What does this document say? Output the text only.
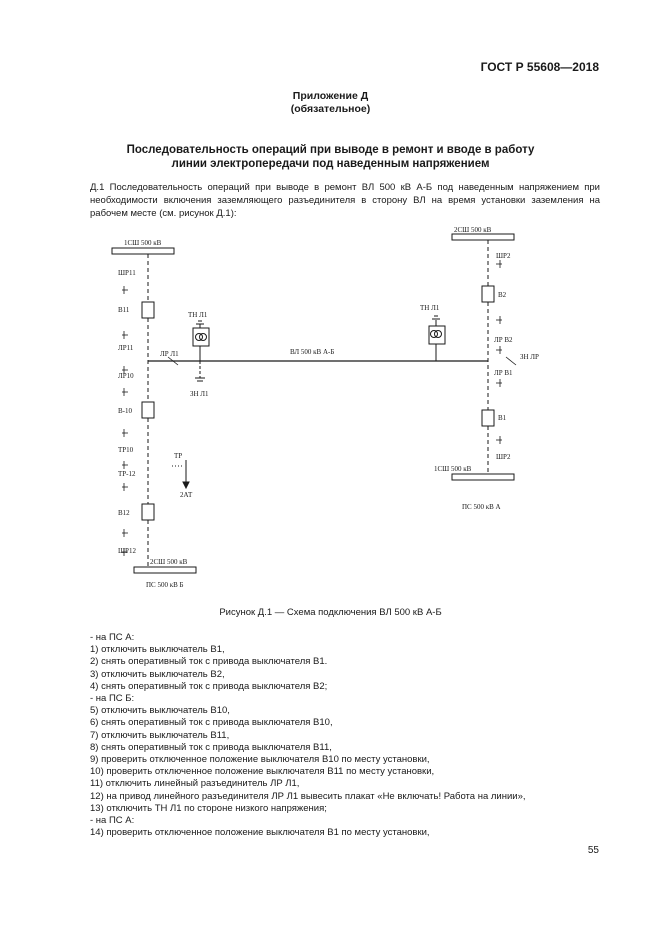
ГОСТ Р 55608—2018
Приложение Д
(обязательное)
Последовательность операций при выводе в ремонт и вводе в работу
линии электропередачи под наведенным напряжением

Д.1 Последовательность операций при выводе в ремонт ВЛ 500 кВ А-Б под наведенным напряжением при необходимости включения заземляющего разъединителя в сторону ВЛ на время установки заземления на рабочем месте (см. рисунок Д.1):

1СШ 500 кВ
ШР11
В11
ЛР11
ЛР10
В-10
ТР10
ТР-12
В12
ШР12
2СШ 500 кВ
ПС 500 кВ Б
ТН Л1
ЛР Л1
ЗН Л1
ВЛ 500 кВ А-Б
ТР
2АТ
ТН Л1
2СШ 500 кВ
ШР2
В2
ЛР В2
ЗН ЛР
ЛР В1
В1
ШР2
1СШ 500 кВ
ПС 500 кВ А
Рисунок Д.1 — Схема подключения ВЛ 500 кВ А-Б
- на ПС А:
1) отключить выключатель В1,
2) снять оперативный ток с привода выключателя В1.
3) отключить выключатель В2,
4) снять оперативный ток с привода выключателя В2;
- на ПС Б:
5) отключить выключатель В10,
6) снять оперативный ток с привода выключателя В10,
7) отключить выключатель В11,
8) снять оперативный ток с привода выключателя В11,
9) проверить отключенное положение выключателя В10 по месту установки,
10) проверить отключенное положение выключателя В11 по месту установки,
11) отключить линейный разъединитель ЛР Л1,
12) на привод линейного разъединителя ЛР Л1 вывесить плакат «Не включать! Работа на линии»,
13) отключить ТН Л1 по стороне низкого напряжения;
- на ПС А:
14) проверить отключенное положение выключателя В1 по месту установки,
55
